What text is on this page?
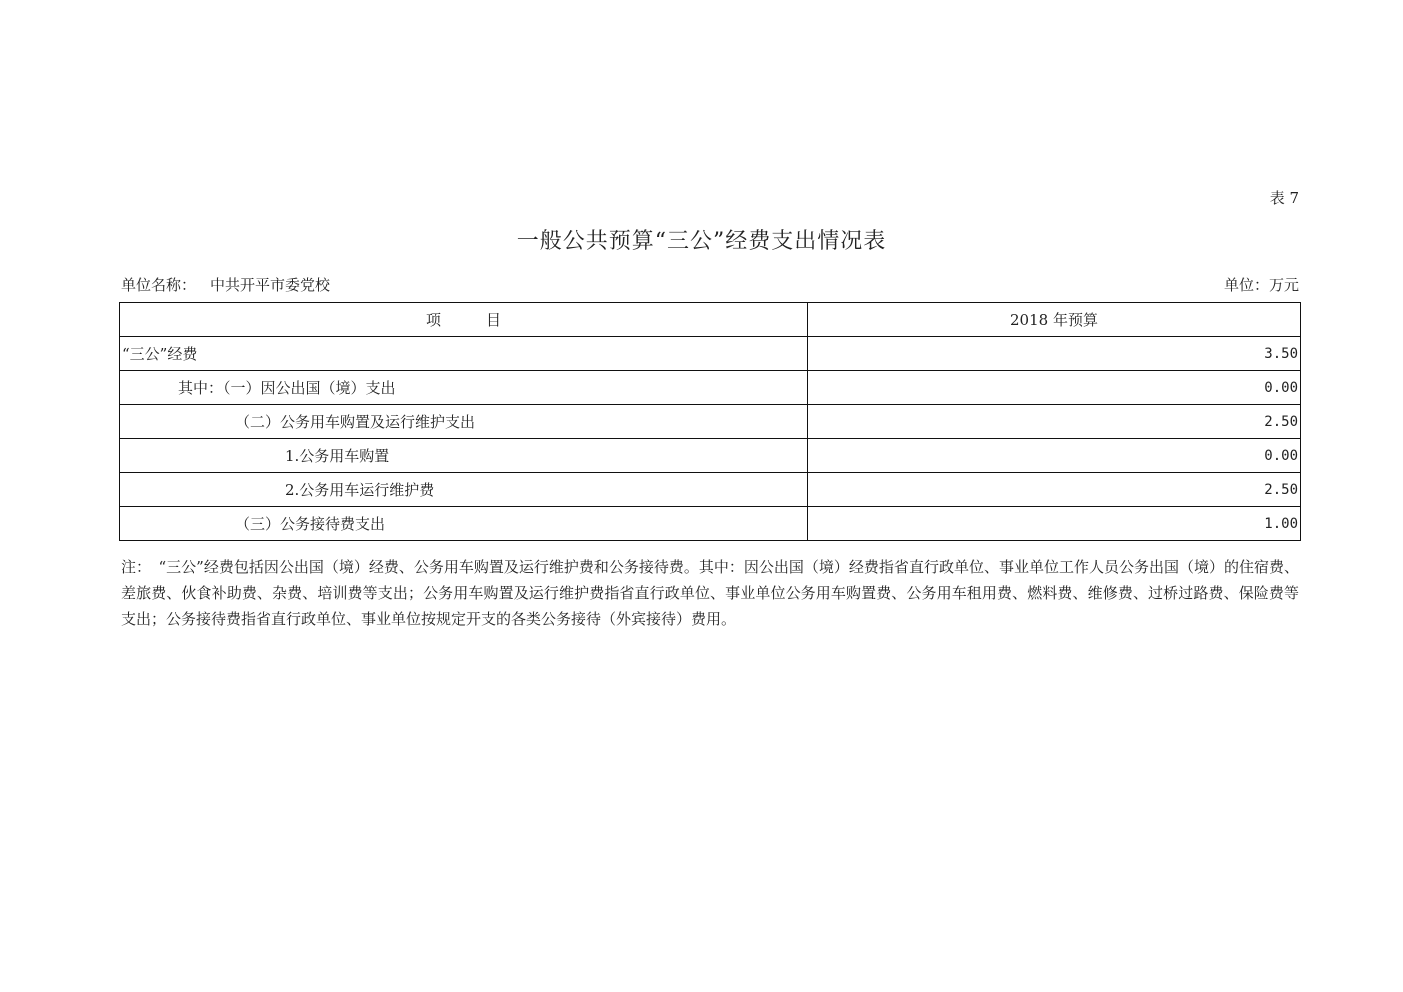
表 7
一般公共预算“三公”经费支出情况表
单位名称： 中共开平市委党校	单位：万元
项　　　目	2018 年预算
“三公”经费	3.50
其中：（一）因公出国（境）支出	0.00
（二）公务用车购置及运行维护支出	2.50
1.公务用车购置	0.00
2.公务用车运行维护费	2.50
（三）公务接待费支出	1.00
注：　“三公”经费包括因公出国（境）经费、公务用车购置及运行维护费和公务接待费。其中：因公出国（境）经费指省直行政单位、事业单位工作人员公务出国（境）的住宿费、差旅费、伙食补助费、杂费、培训费等支出；公务用车购置及运行维护费指省直行政单位、事业单位公务用车购置费、公务用车租用费、燃料费、维修费、过桥过路费、保险费等支出；公务接待费指省直行政单位、事业单位按规定开支的各类公务接待（外宾接待）费用。
